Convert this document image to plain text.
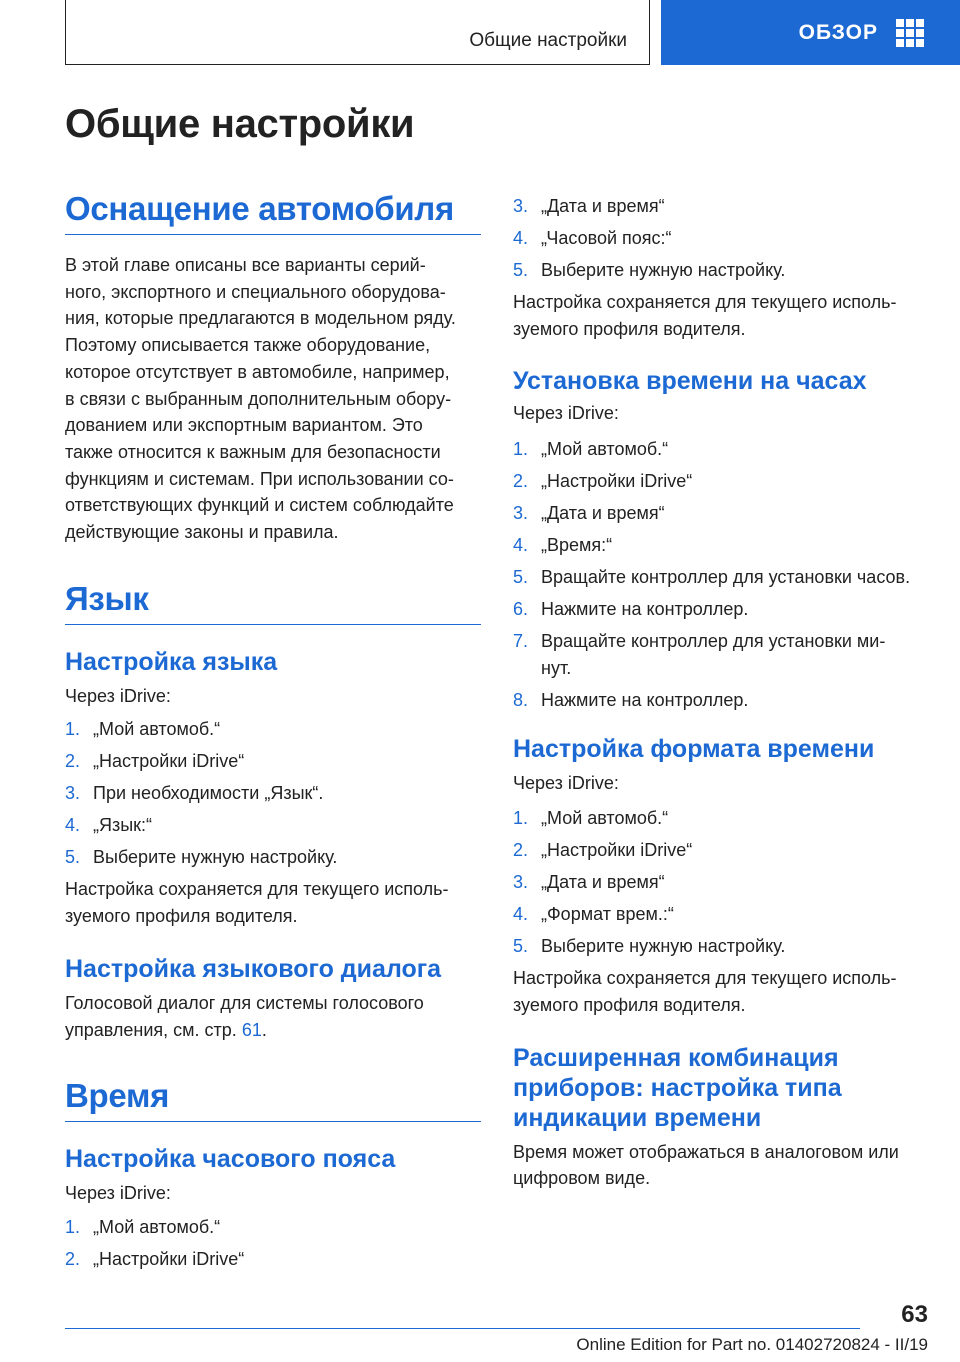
Общие настройки	ОБЗОР
Общие настройки
Оснащение автомобиля
В этой главе описаны все варианты серий-
ного, экспортного и специального оборудова-
ния, которые предлагаются в модельном ряду.
Поэтому описывается также оборудование,
которое отсутствует в автомобиле, например,
в связи с выбранным дополнительным обору-
дованием или экспортным вариантом. Это
также относится к важным для безопасности
функциям и системам. При использовании со-
ответствующих функций и систем соблюдайте
действующие законы и правила.
Язык
Настройка языка
Через iDrive:
1. „Мой автомоб.“
2. „Настройки iDrive“
3. При необходимости „Язык“.
4. „Язык:“
5. Выберите нужную настройку.
Настройка сохраняется для текущего исполь-
зуемого профиля водителя.
Настройка языкового диалога
Голосовой диалог для системы голосового
управления, см. стр. 61.
Время
Настройка часового пояса
Через iDrive:
1. „Мой автомоб.“
2. „Настройки iDrive“
3. „Дата и время“
4. „Часовой пояс:“
5. Выберите нужную настройку.
Настройка сохраняется для текущего исполь-
зуемого профиля водителя.
Установка времени на часах
Через iDrive:
1. „Мой автомоб.“
2. „Настройки iDrive“
3. „Дата и время“
4. „Время:“
5. Вращайте контроллер для установки часов.
6. Нажмите на контроллер.
7. Вращайте контроллер для установки ми-
нут.
8. Нажмите на контроллер.
Настройка формата времени
Через iDrive:
1. „Мой автомоб.“
2. „Настройки iDrive“
3. „Дата и время“
4. „Формат врем.:“
5. Выберите нужную настройку.
Настройка сохраняется для текущего исполь-
зуемого профиля водителя.
Расширенная комбинация
приборов: настройка типа
индикации времени
Время может отображаться в аналоговом или
цифровом виде.
63
Online Edition for Part no. 01402720824 - II/19
